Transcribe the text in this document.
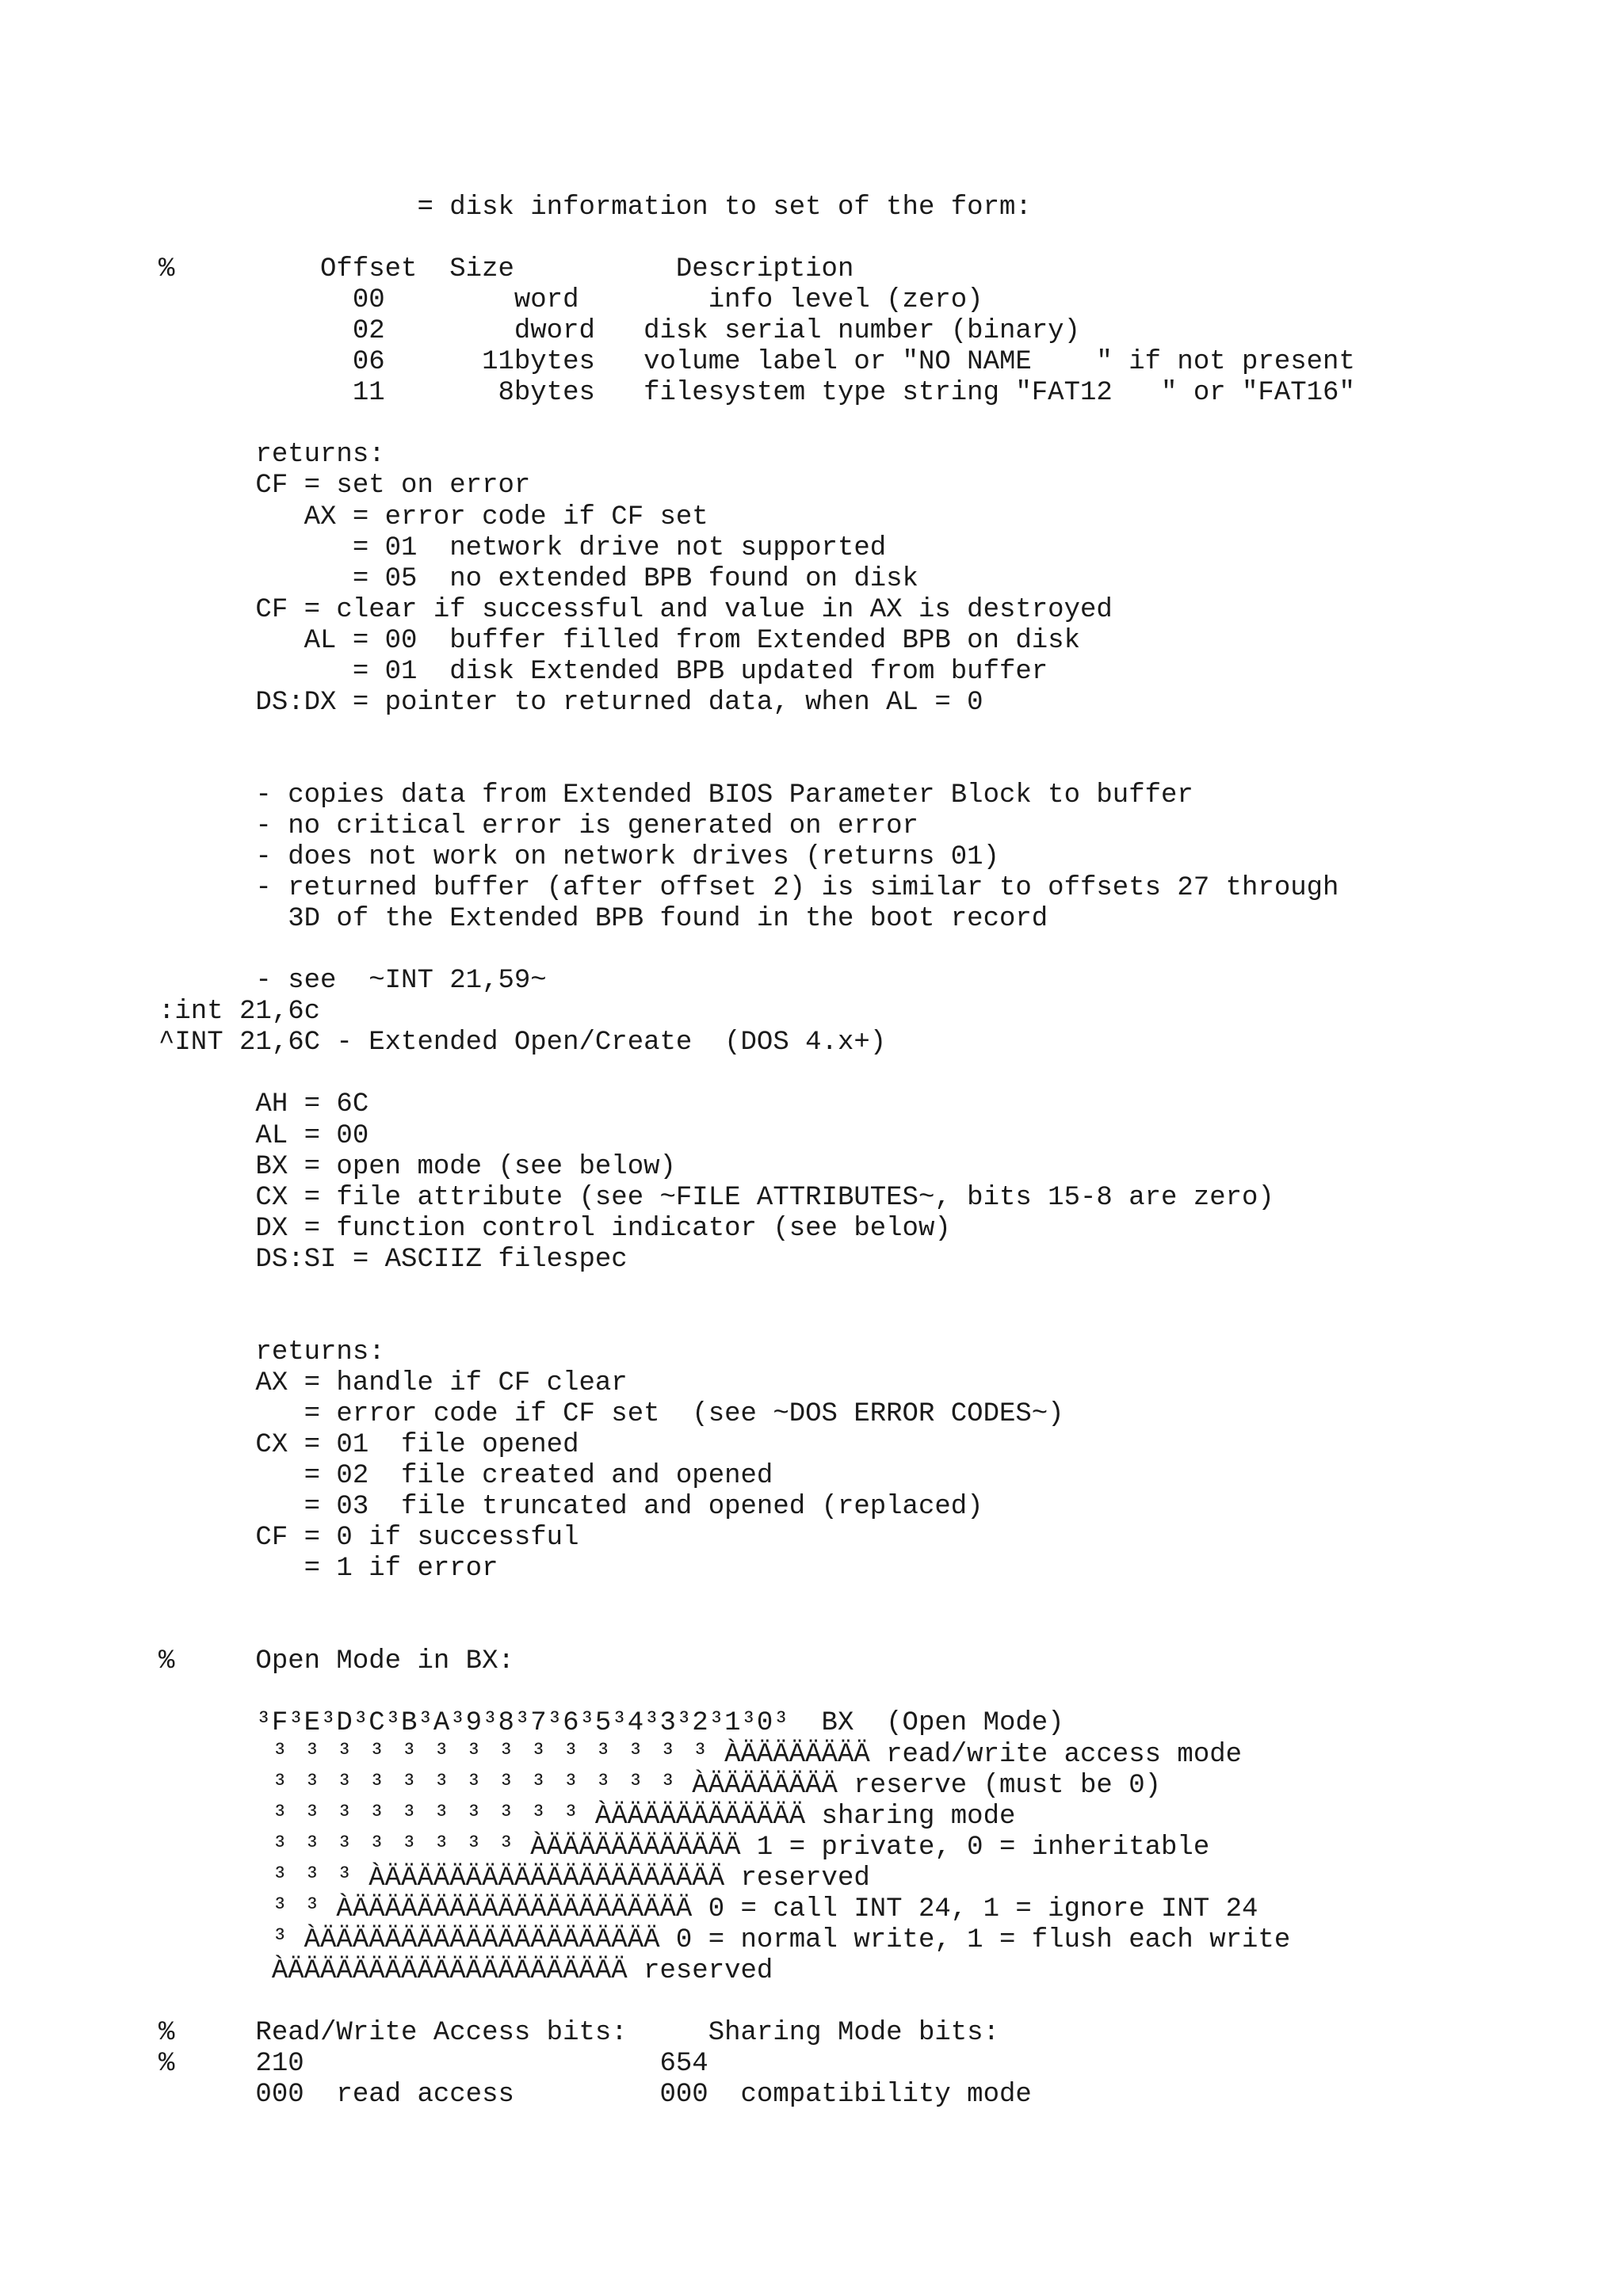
= disk information to set of the form:
%         Offset  Size          Description
00        word        info level (zero)
02        dword   disk serial number (binary)
06      11bytes   volume label or "NO NAME    " if not present
11       8bytes   filesystem type string "FAT12   " or "FAT16"
returns:
CF = set on error
AX = error code if CF set
= 01  network drive not supported
= 05  no extended BPB found on disk
CF = clear if successful and value in AX is destroyed
AL = 00  buffer filled from Extended BPB on disk
= 01  disk Extended BPB updated from buffer
DS:DX = pointer to returned data, when AL = 0
- copies data from Extended BIOS Parameter Block to buffer
- no critical error is generated on error
- does not work on network drives (returns 01)
- returned buffer (after offset 2) is similar to offsets 27 through
3D of the Extended BPB found in the boot record
- see  ~INT 21,59~
:int 21,6c
^INT 21,6C - Extended Open/Create  (DOS 4.x+)
AH = 6C
AL = 00
BX = open mode (see below)
CX = file attribute (see ~FILE ATTRIBUTES~, bits 15-8 are zero)
DX = function control indicator (see below)
DS:SI = ASCIIZ filespec
returns:
AX = handle if CF clear
= error code if CF set  (see ~DOS ERROR CODES~)
CX = 01  file opened
= 02  file created and opened
= 03  file truncated and opened (replaced)
CF = 0 if successful
= 1 if error
%     Open Mode in BX:
³F³E³D³C³B³A³9³8³7³6³5³4³3³2³1³0³  BX  (Open Mode)
³ ³ ³ ³ ³ ³ ³ ³ ³ ³ ³ ³ ³ ³ ÀÄÄÄÄÄÄÄÄ read/write access mode
³ ³ ³ ³ ³ ³ ³ ³ ³ ³ ³ ³ ³ ÀÄÄÄÄÄÄÄÄ reserve (must be 0)
³ ³ ³ ³ ³ ³ ³ ³ ³ ³ ÀÄÄÄÄÄÄÄÄÄÄÄÄ sharing mode
³ ³ ³ ³ ³ ³ ³ ³ ÀÄÄÄÄÄÄÄÄÄÄÄÄ 1 = private, 0 = inheritable
³ ³ ³ ÀÄÄÄÄÄÄÄÄÄÄÄÄÄÄÄÄÄÄÄÄÄ reserved
³ ³ ÀÄÄÄÄÄÄÄÄÄÄÄÄÄÄÄÄÄÄÄÄÄ 0 = call INT 24, 1 = ignore INT 24
³ ÀÄÄÄÄÄÄÄÄÄÄÄÄÄÄÄÄÄÄÄÄÄ 0 = normal write, 1 = flush each write
ÀÄÄÄÄÄÄÄÄÄÄÄÄÄÄÄÄÄÄÄÄÄ reserved
%     Read/Write Access bits:     Sharing Mode bits:
%     210                      654
000  read access         000  compatibility mode
